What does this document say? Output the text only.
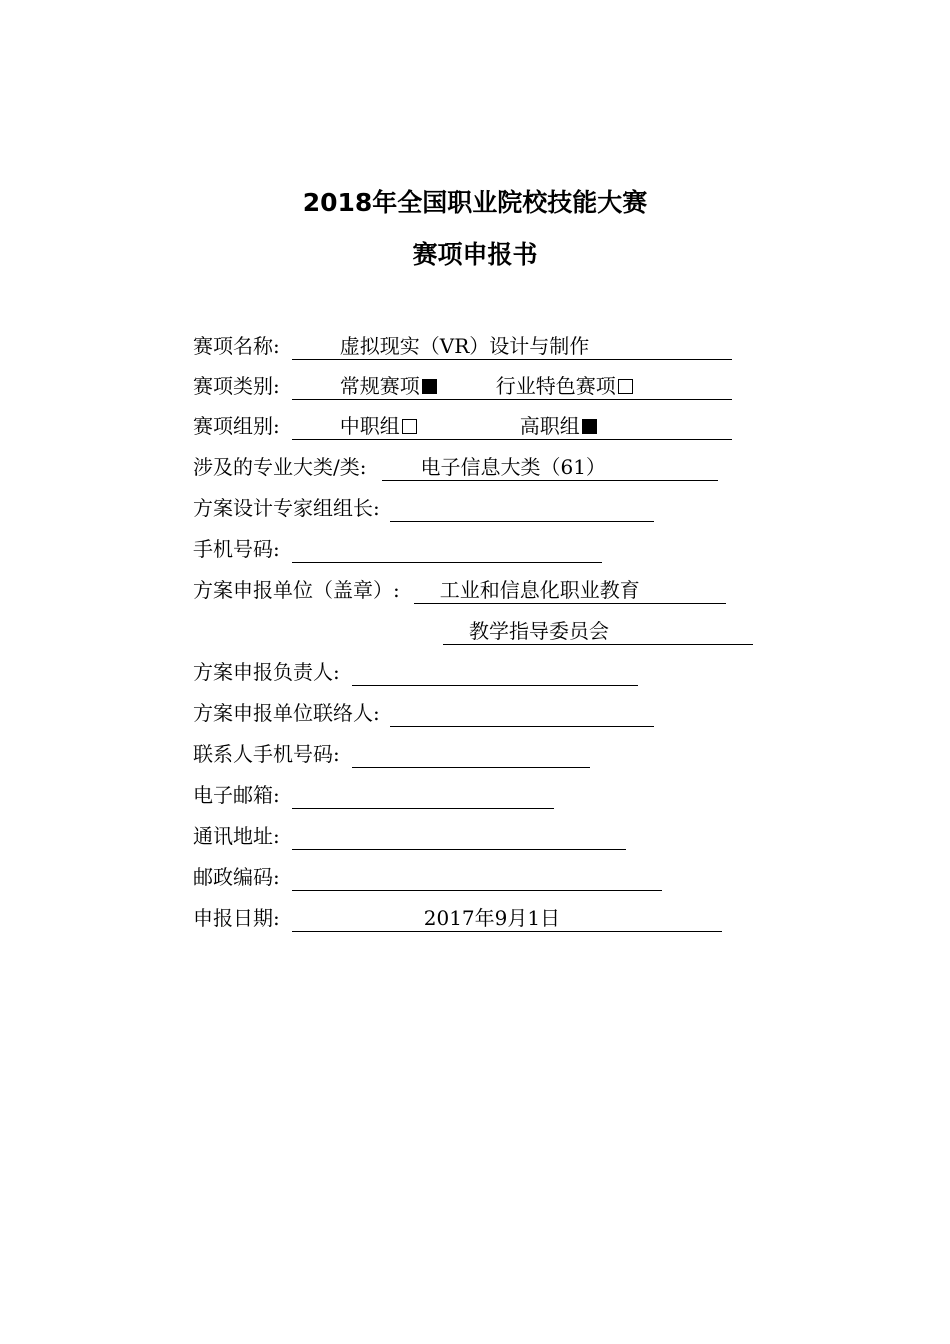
2018年全国职业院校技能大赛
赛项申报书
赛项名称:	虚拟现实（VR）设计与制作
赛项类别:	常规赛项	行业特色赛项
赛项组别:	中职组	高职组
涉及的专业大类/类:	电子信息大类（61）
方案设计专家组组长:
手机号码:
方案申报单位（盖章）: 工业和信息化职业教育
教学指导委员会
方案申报负责人:
方案申报单位联络人:
联系人手机号码:
电子邮箱:
通讯地址:
邮政编码:
申报日期:	2017年9月1日
